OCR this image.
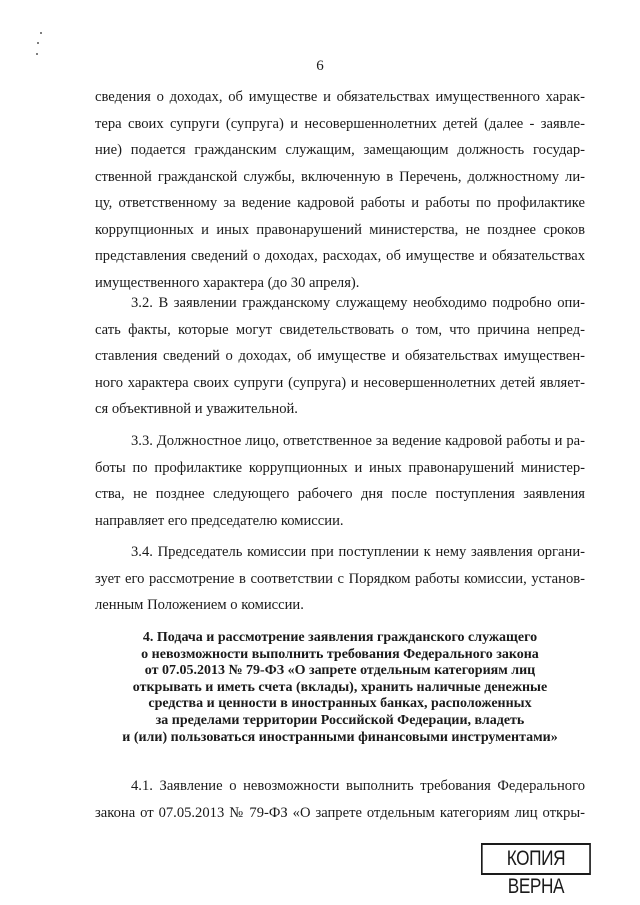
6
сведения о доходах, об имуществе и обязательствах имущественного харак-
тера своих супруги (супруга) и несовершеннолетних детей (далее - заявле-
ние) подается гражданским служащим, замещающим должность государ-
ственной гражданской службы, включенную в Перечень, должностному ли-
цу, ответственному за ведение кадровой работы и работы по профилактике
коррупционных и иных правонарушений министерства, не позднее сроков
представления сведений о доходах, расходах, об имуществе и обязательствах
имущественного характера (до 30 апреля).
3.2. В заявлении гражданскому служащему необходимо подробно опи-
сать факты, которые могут свидетельствовать о том, что причина непред-
ставления сведений о доходах, об имуществе и обязательствах имуществен-
ного характера своих супруги (супруга) и несовершеннолетних детей являет-
ся объективной и уважительной.
3.3. Должностное лицо, ответственное за ведение кадровой работы и ра-
боты по профилактике коррупционных и иных правонарушений министер-
ства, не позднее следующего рабочего дня после поступления заявления
направляет его председателю комиссии.
3.4. Председатель комиссии при поступлении к нему заявления органи-
зует его рассмотрение в соответствии с Порядком работы комиссии, установ-
ленным Положением о комиссии.
4. Подача и рассмотрение заявления гражданского служащего
о невозможности выполнить требования Федерального закона
от 07.05.2013 № 79-ФЗ «О запрете отдельным категориям лиц
открывать и иметь счета (вклады), хранить наличные денежные
средства и ценности в иностранных банках, расположенных
за пределами территории Российской Федерации, владеть
и (или) пользоваться иностранными финансовыми инструментами»
4.1. Заявление о невозможности выполнить требования Федерального
закона от 07.05.2013 № 79-ФЗ «О запрете отдельным категориям лиц откры-
КОПИЯ ВЕРНА
